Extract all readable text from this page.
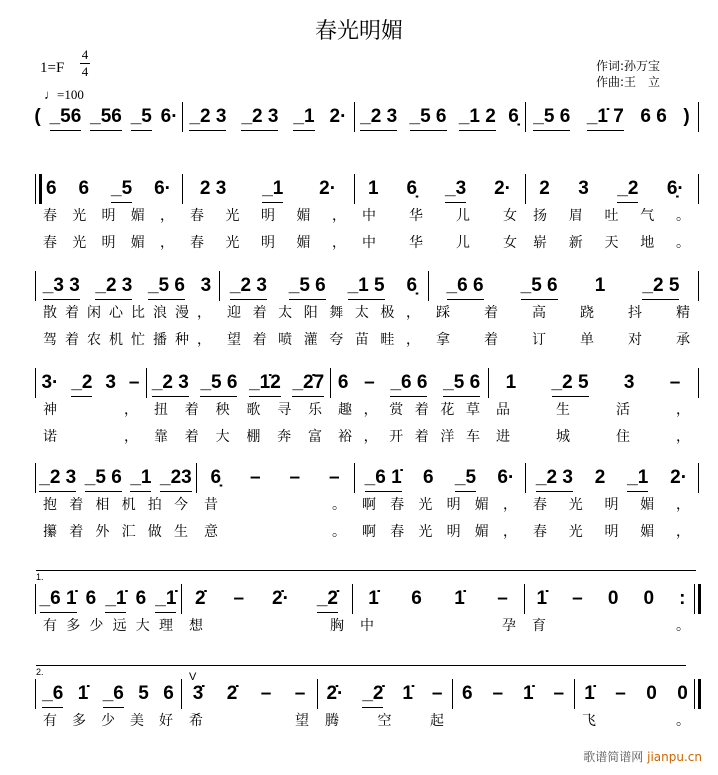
春光明媚
1=F
4
4
♩=100
作词:孙万宝
作曲:王　立
( _56 _56 _5 6· _2 3 _2 3 _1 2· _2 3 _5 6 _1 2 6̣ _5 6 _1̇ 7 6 6 )
6 6 _5 6·
春光明媚，
春光明媚，
2 3 _1 2·
春光明媚，
春光明媚，
1 6̣ _3 2·
中华儿女
中华儿女
2 3 _2 6̣·
扬眉吐气。
崭新天地。
_3 3 _2 3 _5 6 3
散着闲心比浪漫，
驾着农机忙播种，
_2 3 _5 6 _1 5 6̣
迎着太阳舞太极，
望着喷灌夸苗畦，
_6 6 _5 6 1 _2 5
踩着高跷抖精
拿着订单对承
3· _2 3 –
神，
诺，
_2 3 _5 6 _1̇2 _2̇7
扭着秧歌寻乐
靠着大棚奔富
6 – _6 6 _5 6
趣，赏着花草
裕，开着洋车
1 _2 5 3 –
品生活，
进城住，
_2 3 _5 6 _1 _23
抱着相机拍今
攥着外汇做生
6̣ – – –
昔。
意。
_6 1̇ 6 _5 6·
啊春光明媚，
啊春光明媚，
_2 3 2 _1 2·
春光明媚，
春光明媚，
1.
_6 1̇ 6 _1̇ 6 _1̇
有多少远大理
2̇ – 2̇· _2̇
想胸
1̇ 6 1̇ –
中孕
1̇ – 0 0 :
育。
2.	V
_6 1̇ _6 5 6
有多少美好
3̇ 2̇ – –
希望
2̇· _2̇ 1̇ –
腾空起
6 – 1̇ – 1̇ – 0 0
飞。
歌谱简谱网 jianpu.cn
